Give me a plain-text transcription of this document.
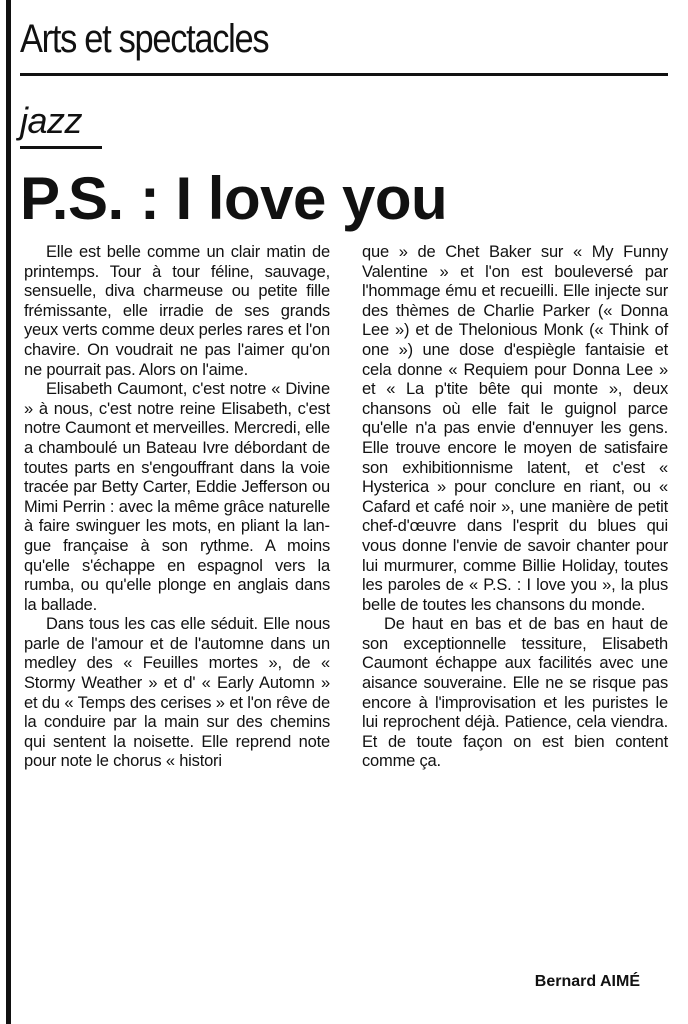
Arts et spectacles
jazz
P.S. : I love you

Elle est belle comme un clair matin de printemps. Tour à tour féline, sauvage, sensuelle, diva charmeuse ou petite fille frémissante, elle irradie de ses grands yeux verts comme deux perles rares et l'on chavire. On voudrait ne pas l'aimer qu'on ne pourrait pas. Alors on l'aime.

Elisabeth Caumont, c'est notre « Divine » à nous, c'est notre reine Elisabeth, c'est notre Caumont et merveilles. Mercredi, elle a chamboulé un Bateau Ivre débordant de toutes parts en s'engouffrant dans la voie tracée par Betty Carter, Eddie Jefferson ou Mimi Perrin : avec la même grâce naturelle à faire swinguer les mots, en pliant la langue française à son rythme. A moins qu'elle s'échappe en espagnol vers la rumba, ou qu'elle plonge en anglais dans la ballade.

Dans tous les cas elle séduit. Elle nous parle de l'amour et de l'automne dans un medley des « Feuilles mortes », de « Stormy Weather » et d' « Early Automn » et du « Temps des cerises » et l'on rêve de la conduire par la main sur des chemins qui sentent la noisette. Elle reprend note pour note le chorus « histori

que » de Chet Baker sur « My Funny Valentine » et l'on est bouleversé par l'hommage ému et recueilli. Elle injecte sur des thèmes de Charlie Parker (« Donna Lee ») et de Thelonious Monk (« Think of one ») une dose d'espiègle fantaisie et cela donne « Requiem pour Donna Lee » et « La p'tite bête qui monte », deux chansons où elle fait le guignol parce qu'elle n'a pas envie d'ennuyer les gens. Elle trouve encore le moyen de satisfaire son exhibitionnisme latent, et c'est « Hysterica » pour conclure en riant, ou « Cafard et café noir », une manière de petit chef-d'œuvre dans l'esprit du blues qui vous donne l'envie de savoir chanter pour lui murmurer, comme Billie Holiday, toutes les paroles de « P.S. : I love you », la plus belle de toutes les chansons du monde.

De haut en bas et de bas en haut de son exceptionnelle tessiture, Elisabeth Caumont échappe aux facilités avec une aisance souveraine. Elle ne se risque pas encore à l'improvisation et les puristes le lui reprochent déjà. Patience, cela viendra. Et de toute façon on est bien content comme ça.

Bernard AIMÉ
